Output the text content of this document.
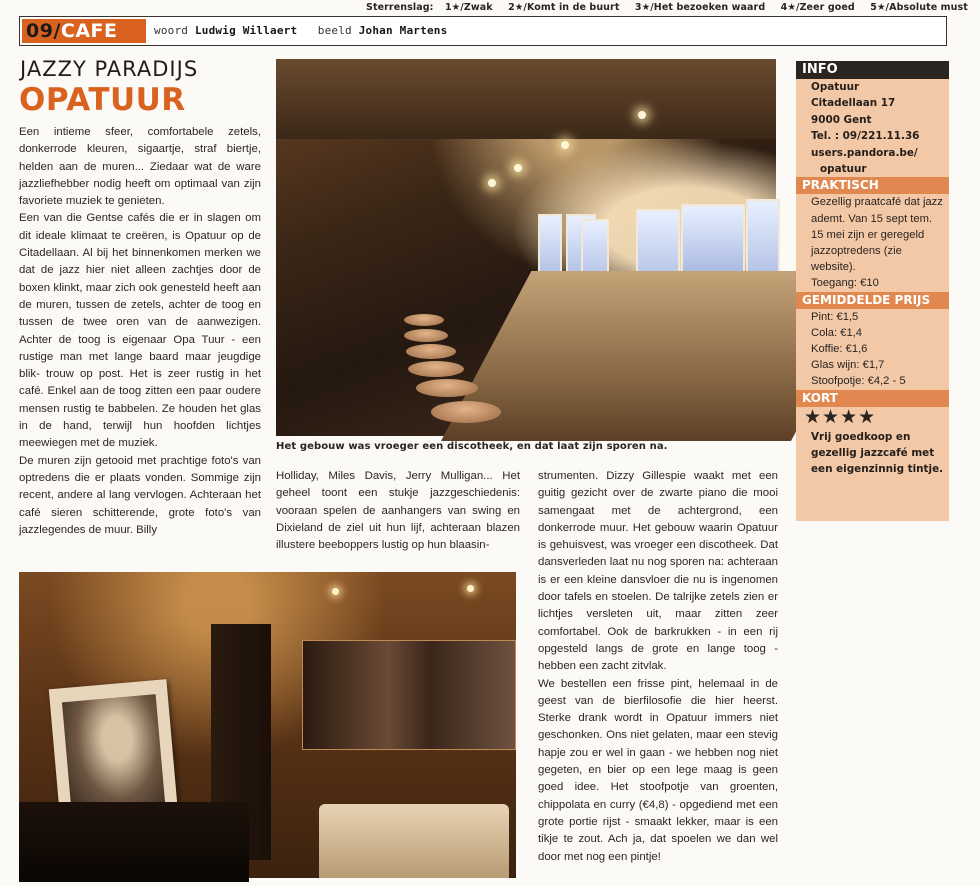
Sterrenslag: 1★/Zwak 2★/Komt in de buurt 3★/Het bezoeken waard 4★/Zeer goed 5★/Absolute must
09/CAFE	woord Ludwig Willaert beeld Johan Martens
JAZZY PARADIJS
OPATUUR

Een intieme sfeer, comfortabele zetels, donkerrode kleuren, sigaartje, straf biertje, helden aan de muren... Ziedaar wat de ware jazzliefhebber nodig heeft om optimaal van zijn favoriete muziek te genieten.

Een van die Gentse cafés die er in slagen om dit ideale klimaat te creëren, is Opatuur op de Citadellaan. Al bij het binnenkomen merken we dat de jazz hier niet alleen zachtjes door de boxen klinkt, maar zich ook genesteld heeft aan de muren, tussen de zetels, achter de toog en tussen de twee oren van de aanwezigen. Achter de toog is eigenaar Opa Tuur - een rustige man met lange baard maar jeugdige blik- trouw op post. Het is zeer rustig in het café. Enkel aan de toog zitten een paar oudere mensen rustig te babbelen. Ze houden het glas in de hand, terwijl hun hoofden lichtjes meewiegen met de muziek.

De muren zijn getooid met prachtige foto's van optredens die er plaats vonden. Sommige zijn recent, andere al lang vervlogen. Achteraan het café sieren schitterende, grote foto's van jazzlegendes de muur. Billy

Het gebouw was vroeger een discotheek, en dat laat zijn sporen na.

Holliday, Miles Davis, Jerry Mulligan... Het geheel toont een stukje jazzgeschiedenis: vooraan spelen de aanhangers van swing en Dixieland de ziel uit hun lijf, achteraan blazen illustere beeboppers lustig op hun blaasin-

strumenten. Dizzy Gillespie waakt met een guitig gezicht over de zwarte piano die mooi samengaat met de achtergrond, een donkerrode muur. Het gebouw waarin Opatuur is gehuisvest, was vroeger een discotheek. Dat dansverleden laat nu nog sporen na: achteraan is er een kleine dansvloer die nu is ingenomen door tafels en stoelen. De talrijke zetels zien er lichtjes versleten uit, maar zitten zeer comfortabel. Ook de barkrukken - in een rij opgesteld langs de grote en lange toog - hebben een zacht zitvlak.

We bestellen een frisse pint, helemaal in de geest van de bierfilosofie die hier heerst. Sterke drank wordt in Opatuur immers niet geschonken. Ons niet gelaten, maar een stevig hapje zou er wel in gaan - we hebben nog niet gegeten, en bier op een lege maag is geen goed idee. Het stoofpotje van groenten, chippolata en curry (€4,8) - opgediend met een grote portie rijst - smaakt lekker, maar is een tikje te zout. Ach ja, dat spoelen we dan wel door met nog een pintje!

INFO
Opatuur
Citadellaan 17
9000 Gent
Tel. : 09/221.11.36
users.pandora.be/
opatuur
PRAKTISCH
Gezellig praatcafé dat jazz ademt. Van 15 sept tem. 15 mei zijn er geregeld jazzoptredens (zie website).
Toegang: €10
GEMIDDELDE PRIJS
Pint: €1,5
Cola: €1,4
Koffie: €1,6
Glas wijn: €1,7
Stoofpotje: €4,2 - 5
KORT
★★★★
Vrij goedkoop en gezellig jazzcafé met een eigenzinnig tintje.
